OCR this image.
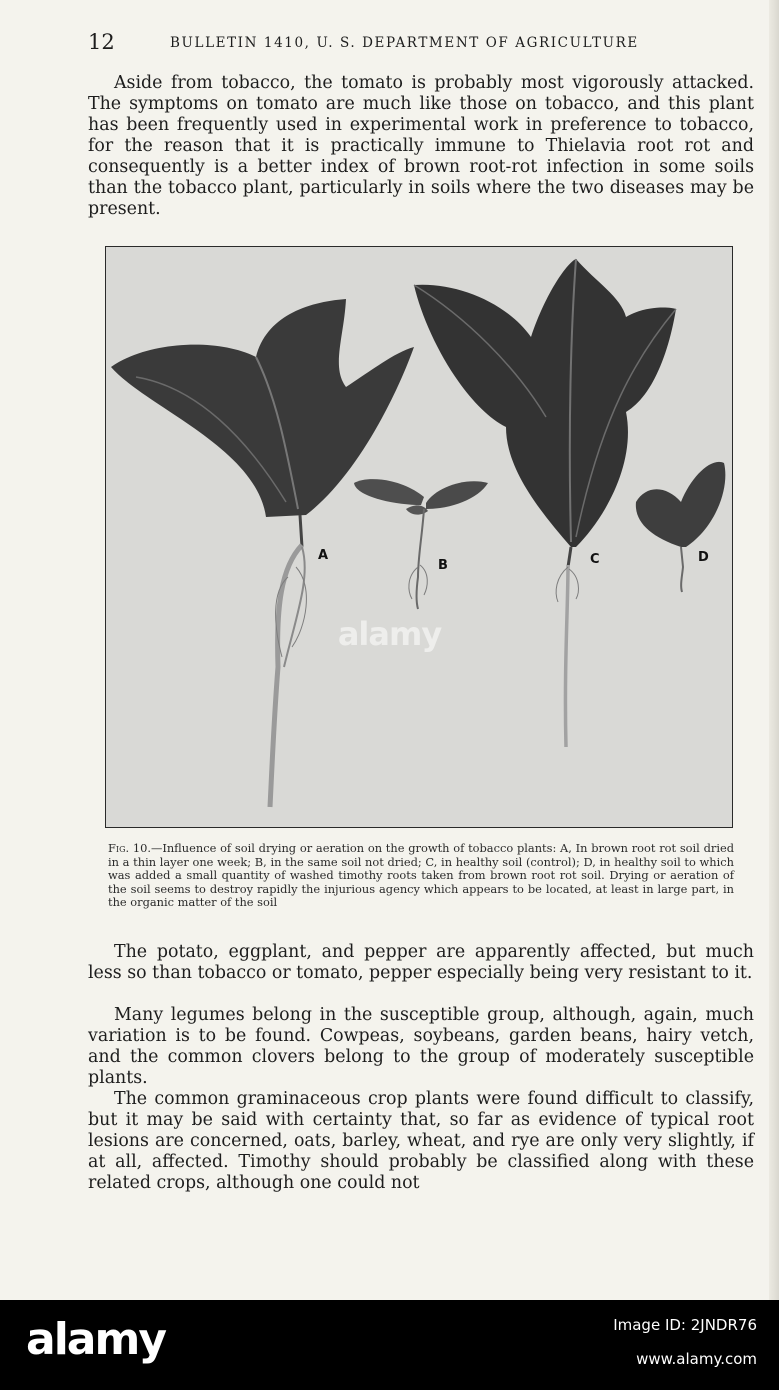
12	BULLETIN 1410, U. S. DEPARTMENT OF AGRICULTURE

Aside from tobacco, the tomato is probably most vigorously attacked. The symptoms on tomato are much like those on tobacco, and this plant has been frequently used in experimental work in preference to tobacco, for the reason that it is practically immune to Thielavia root rot and consequently is a better index of brown root-rot infection in some soils than the tobacco plant, particularly in soils where the two diseases may be present.

A
B	C	D
alamy

Fig. 10.—Influence of soil drying or aeration on the growth of tobacco plants: A, In brown root rot soil dried in a thin layer one week; B, in the same soil not dried; C, in healthy soil (control); D, in healthy soil to which was added a small quantity of washed timothy roots taken from brown root rot soil. Drying or aeration of the soil seems to destroy rapidly the injurious agency which appears to be located, at least in large part, in the organic matter of the soil

The potato, eggplant, and pepper are apparently affected, but much less so than tobacco or tomato, pepper especially being very resistant to it.

Many legumes belong in the susceptible group, although, again, much variation is to be found. Cowpeas, soybeans, garden beans, hairy vetch, and the common clovers belong to the group of moderately susceptible plants.

The common graminaceous crop plants were found difficult to classify, but it may be said with certainty that, so far as evidence of typical root lesions are concerned, oats, barley, wheat, and rye are only very slightly, if at all, affected. Timothy should probably be classified along with these related crops, although one could not

alamy	Image ID: 2JNDR76
www.alamy.com
